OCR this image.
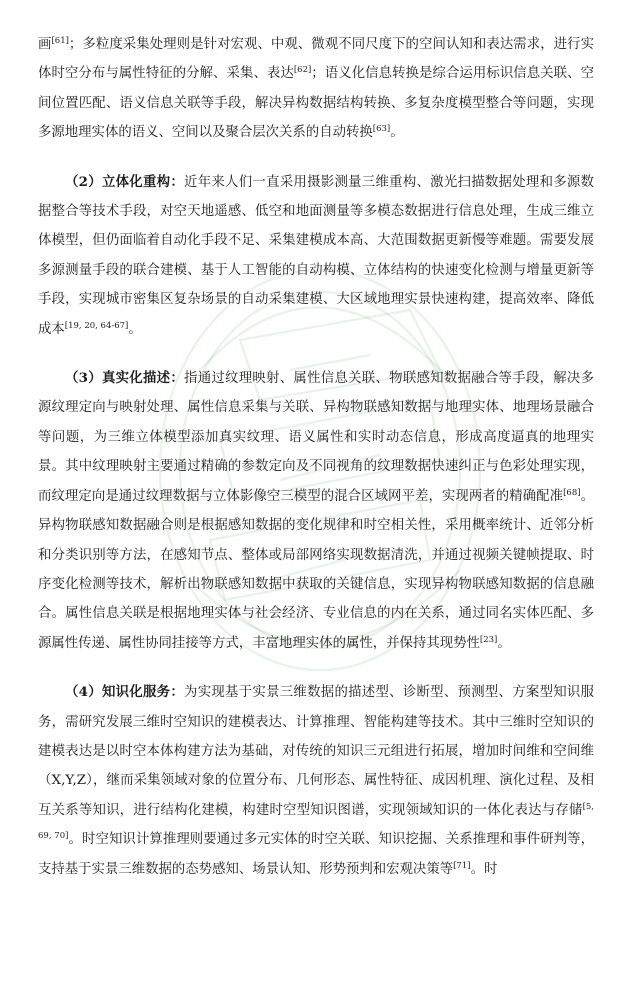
画[61]；多粒度采集处理则是针对宏观、中观、微观不同尺度下的空间认知和表达需求，进行实体时空分布与属性特征的分解、采集、表达[62]；语义化信息转换是综合运用标识信息关联、空间位置匹配、语义信息关联等手段，解决异构数据结构转换、多复杂度模型整合等问题，实现多源地理实体的语义、空间以及聚合层次关系的自动转换[63]。

（2）立体化重构：近年来人们一直采用摄影测量三维重构、激光扫描数据处理和多源数据整合等技术手段，对空天地遥感、低空和地面测量等多模态数据进行信息处理，生成三维立体模型，但仍面临着自动化手段不足、采集建模成本高、大范围数据更新慢等难题。需要发展多源测量手段的联合建模、基于人工智能的自动构模、立体结构的快速变化检测与增量更新等手段，实现城市密集区复杂场景的自动采集建模、大区域地理实景快速构建，提高效率、降低成本[19, 20, 64-67]。

（3）真实化描述：指通过纹理映射、属性信息关联、物联感知数据融合等手段，解决多源纹理定向与映射处理、属性信息采集与关联、异构物联感知数据与地理实体、地理场景融合等问题，为三维立体模型添加真实纹理、语义属性和实时动态信息，形成高度逼真的地理实景。其中纹理映射主要通过精确的参数定向及不同视角的纹理数据快速纠正与色彩处理实现，而纹理定向是通过纹理数据与立体影像空三模型的混合区域网平差，实现两者的精确配准[68]。异构物联感知数据融合则是根据感知数据的变化规律和时空相关性，采用概率统计、近邻分析和分类识别等方法，在感知节点、整体或局部网络实现数据清洗，并通过视频关键帧提取、时序变化检测等技术，解析出物联感知数据中获取的关键信息，实现异构物联感知数据的信息融合。属性信息关联是根据地理实体与社会经济、专业信息的内在关系，通过同名实体匹配、多源属性传递、属性协同挂接等方式，丰富地理实体的属性，并保持其现势性[23]。

（4）知识化服务：为实现基于实景三维数据的描述型、诊断型、预测型、方案型知识服务，需研究发展三维时空知识的建模表达、计算推理、智能构建等技术。其中三维时空知识的建模表达是以时空本体构建方法为基础，对传统的知识三元组进行拓展，增加时间维和空间维（X,Y,Z），继而采集领域对象的位置分布、几何形态、属性特征、成因机理、演化过程、及相互关系等知识，进行结构化建模，构建时空型知识图谱，实现领域知识的一体化表达与存储[5, 69, 70]。时空知识计算推理则要通过多元实体的时空关联、知识挖掘、关系推理和事件研判等，支持基于实景三维数据的态势感知、场景认知、形势预判和宏观决策等[71]。时
